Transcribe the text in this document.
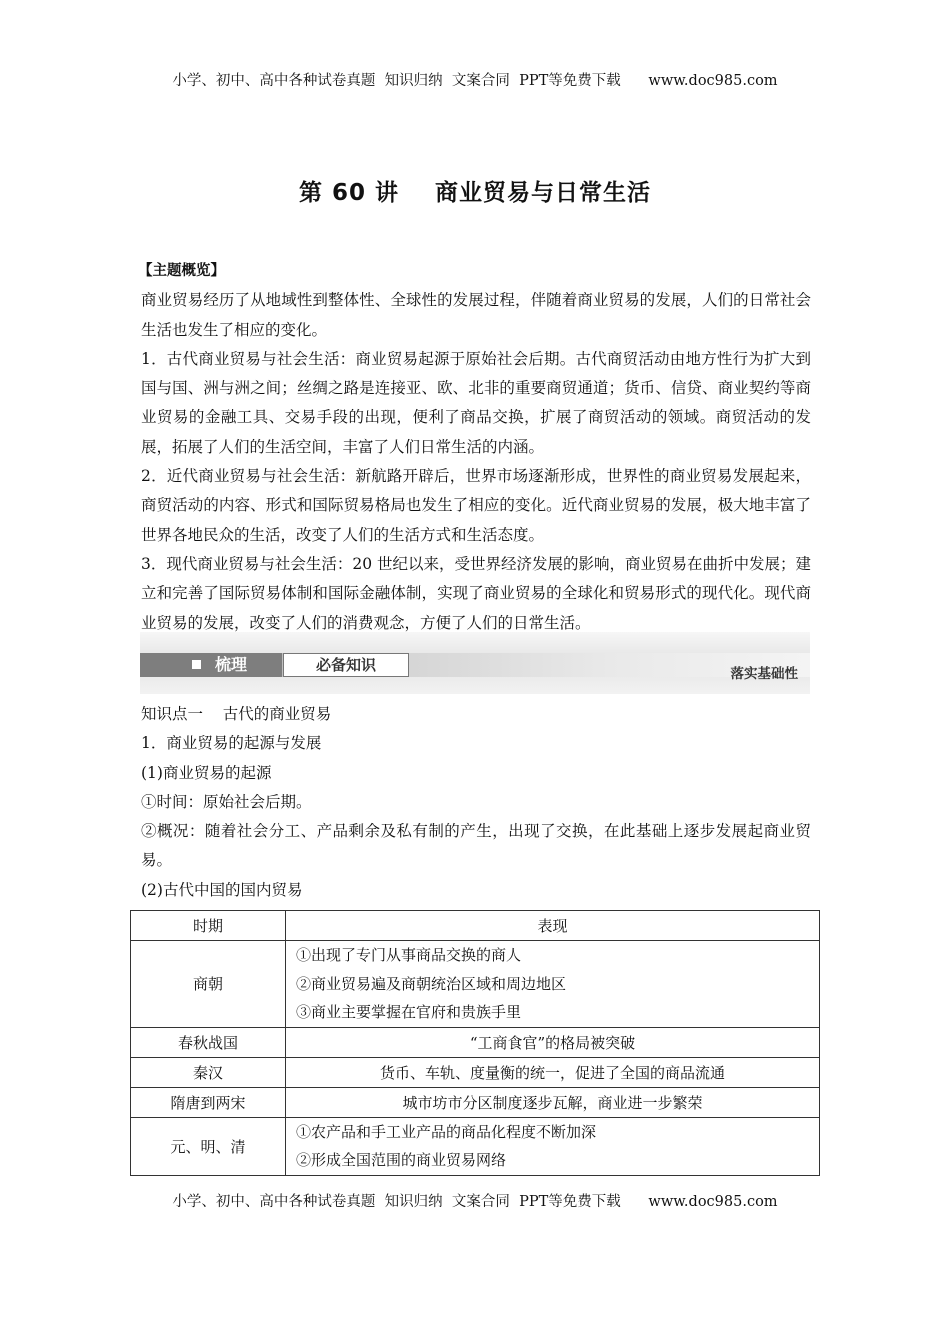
小学、初中、高中各种试卷真题  知识归纳  文案合同  PPT等免费下载      www.doc985.com
第 60 讲    商业贸易与日常生活

【主题概览】

商业贸易经历了从地域性到整体性、全球性的发展过程，伴随着商业贸易的发展，人们的日常社会生活也发生了相应的变化。

1．古代商业贸易与社会生活：商业贸易起源于原始社会后期。古代商贸活动由地方性行为扩大到国与国、洲与洲之间；丝绸之路是连接亚、欧、北非的重要商贸通道；货币、信贷、商业契约等商业贸易的金融工具、交易手段的出现，便利了商品交换，扩展了商贸活动的领域。商贸活动的发展，拓展了人们的生活空间，丰富了人们日常生活的内涵。

2．近代商业贸易与社会生活：新航路开辟后，世界市场逐渐形成，世界性的商业贸易发展起来，商贸活动的内容、形式和国际贸易格局也发生了相应的变化。近代商业贸易的发展，极大地丰富了世界各地民众的生活，改变了人们的生活方式和生活态度。

3．现代商业贸易与社会生活：20 世纪以来，受世界经济发展的影响，商业贸易在曲折中发展；建立和完善了国际贸易体制和国际金融体制，实现了商业贸易的全球化和贸易形式的现代化。现代商业贸易的发展，改变了人们的消费观念，方便了人们的日常生活。

梳理	必备知识	落实基础性

知识点一    古代的商业贸易

1．商业贸易的起源与发展

(1)商业贸易的起源

①时间：原始社会后期。

②概况：随着社会分工、产品剩余及私有制的产生，出现了交换，在此基础上逐步发展起商业贸易。

(2)古代中国的国内贸易

时期	表现
商朝	①出现了专门从事商品交换的商人
②商业贸易遍及商朝统治区域和周边地区
③商业主要掌握在官府和贵族手里

春秋战国	“工商食官”的格局被突破
秦汉	货币、车轨、度量衡的统一，促进了全国的商品流通
隋唐到两宋	城市坊市分区制度逐步瓦解，商业进一步繁荣
元、明、清	①农产品和手工业产品的商品化程度不断加深
②形成全国范围的商业贸易网络
小学、初中、高中各种试卷真题  知识归纳  文案合同  PPT等免费下载      www.doc985.com
